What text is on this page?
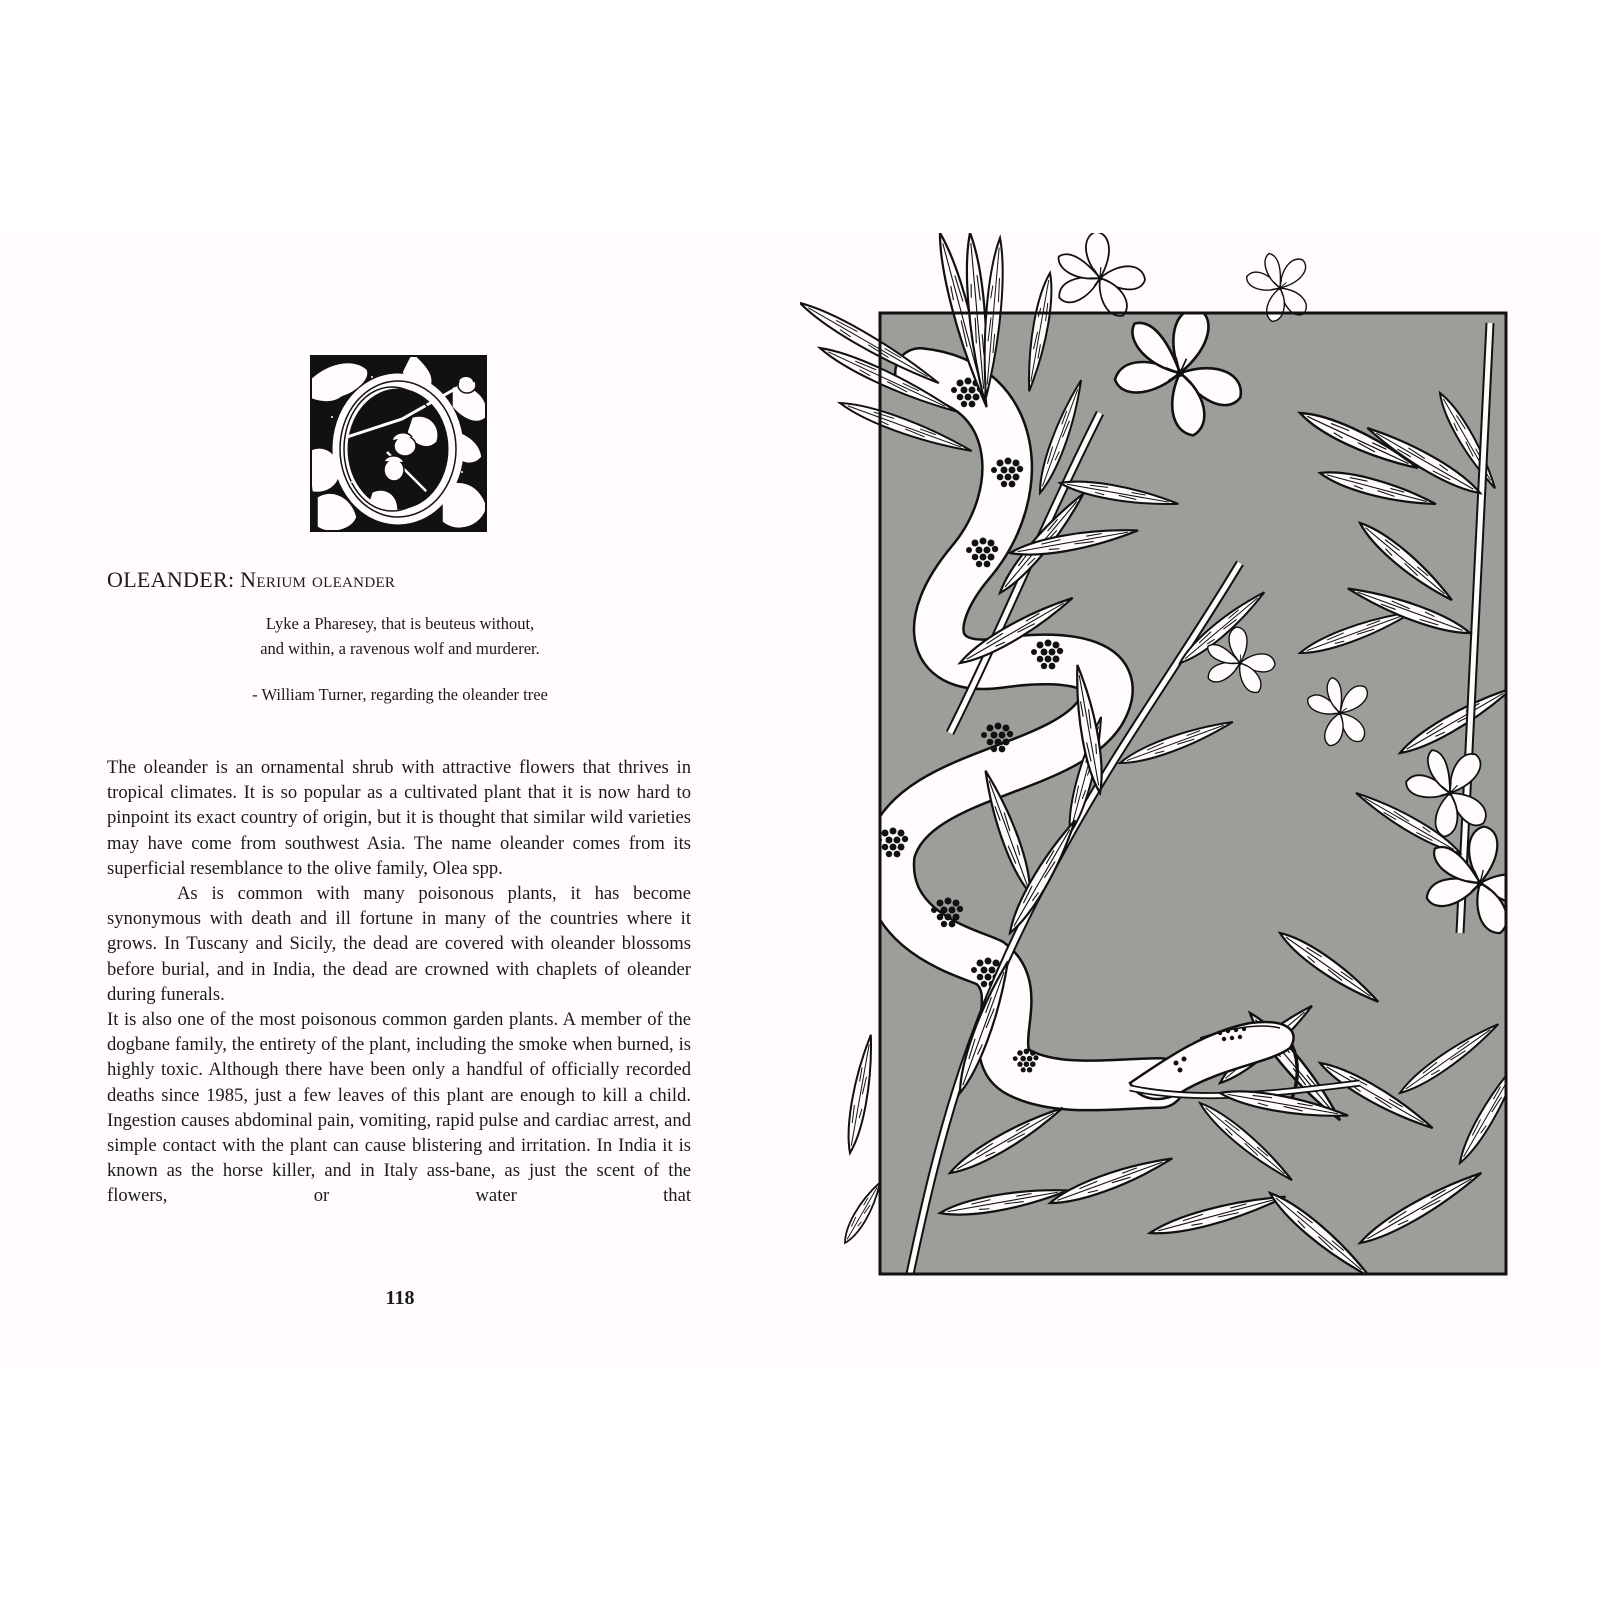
OLEANDER: Nerium oleander
Lyke a Pharesey, that is beuteus without,
and within, a ravenous wolf and murderer.
- William Turner, regarding the oleander tree

The oleander is an ornamental shrub with attractive flowers that thrives in tropical climates. It is so popular as a cultivated plant that it is now hard to pinpoint its exact country of origin, but it is thought that similar wild varieties may have come from southwest Asia. The name oleander comes from its superficial resemblance to the olive family, Olea spp.

As is common with many poisonous plants, it has become synonymous with death and ill fortune in many of the countries where it grows. In Tuscany and Sicily, the dead are covered with oleander blossoms before burial, and in India, the dead are crowned with chaplets of oleander during funerals.

It is also one of the most poisonous common garden plants. A member of the dogbane family, the entirety of the plant, including the smoke when burned, is highly toxic. Although there have been only a handful of officially recorded deaths since 1985, just a few leaves of this plant are enough to kill a child. Ingestion causes abdominal pain, vomiting, rapid pulse and cardiac arrest, and simple contact with the plant can cause blistering and irritation. In India it is known as the horse killer, and in Italy ass-bane, as just the scent of the flowers, or water that

118
